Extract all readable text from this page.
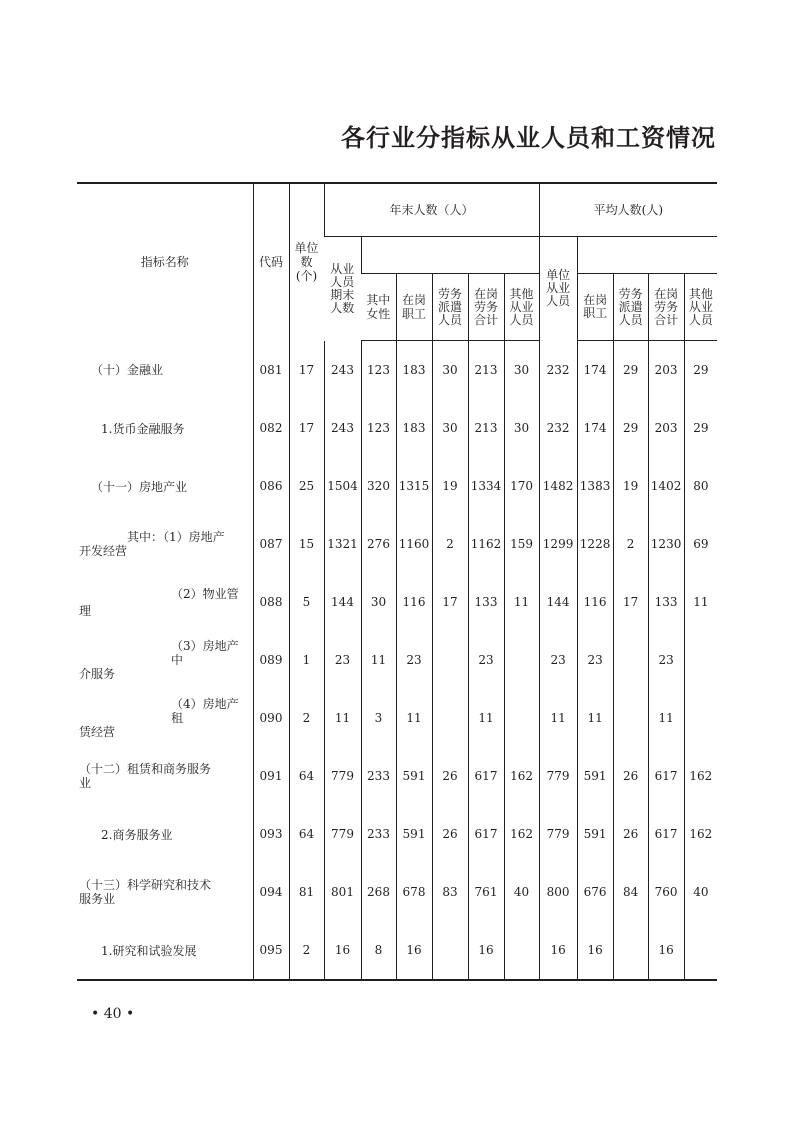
各行业分指标从业人员和工资情况
指标名称	代码	单位数(个)	年末人数（人）						平均人数(人)				
			从业人员期末人数						单位从业人员				
				其中女性	在岗职工	劳务派遣人员	在岗劳务合计	其他从业人员		在岗职工	劳务派遣人员	在岗劳务合计	其他从业人员
（十）金融业	081	17	243	123	183	30	213	30	232	174	29	203	29
1.货币金融服务	082	17	243	123	183	30	213	30	232	174	29	203	29
（十一）房地产业	086	25	1504	320	1315	19	1334	170	1482	1383	19	1402	80

其中：（1）房地产
开发经营	087	15	1321	276	1160	2	1162	159	1299	1228	2	1230	69
（2）物业管理	088	5	144	30	116	17	133	11	144	116	17	133	11

（3）房地产中
介服务	089	1	23	11	23		23		23	23		23	

（4）房地产租
赁经营	090	2	11	3	11		11		11	11		11	

（十二）租赁和商务服务
业	091	64	779	233	591	26	617	162	779	591	26	617	162
2.商务服务业	093	64	779	233	591	26	617	162	779	591	26	617	162

（十三）科学研究和技术
服务业	094	81	801	268	678	83	761	40	800	676	84	760	40
1.研究和试验发展	095	2	16	8	16		16		16	16		16	
• 40 •
